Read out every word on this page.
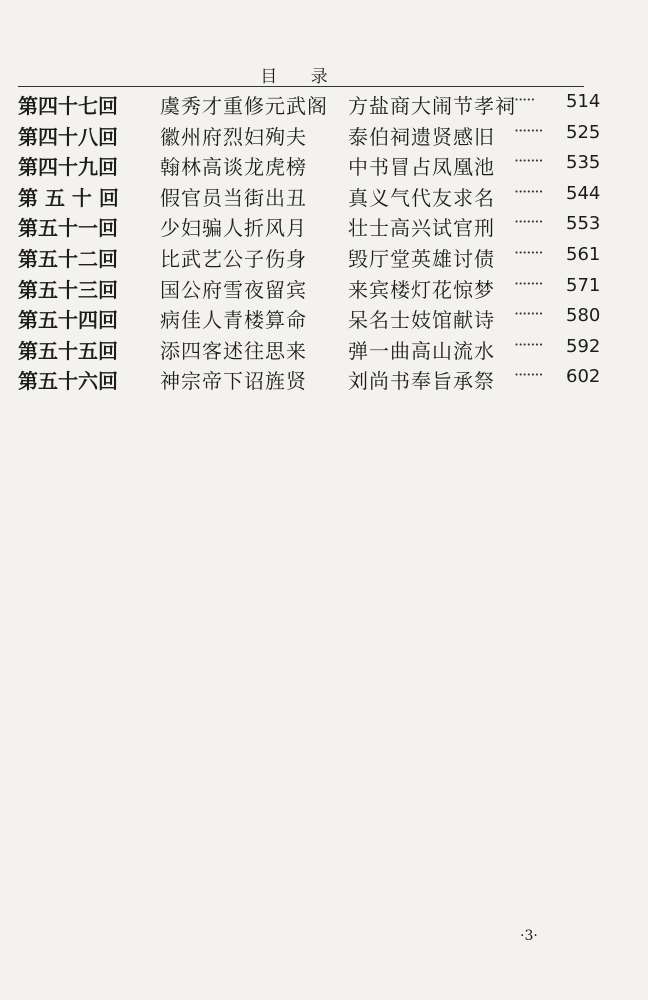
目 录
第四十七回 虞秀才重修元武阁 方盐商大闹节孝祠
····· 514
第四十八回 徽州府烈妇殉夫 泰伯祠遗贤感旧 ······· 525
第四十九回 翰林高谈龙虎榜 中书冒占凤凰池 ······· 535
第 五 十 回 假官员当街出丑 真义气代友求名 ······· 544
第五十一回 少妇骗人折风月 壮士高兴试官刑 ······· 553
第五十二回 比武艺公子伤身 毁厅堂英雄讨债 ······· 561
第五十三回 国公府雪夜留宾 来宾楼灯花惊梦 ······· 571
第五十四回 病佳人青楼算命 呆名士妓馆献诗 ······· 580
第五十五回 添四客述往思来 弹一曲高山流水 ······· 592
第五十六回 神宗帝下诏旌贤 刘尚书奉旨承祭 ······· 602
·3·
